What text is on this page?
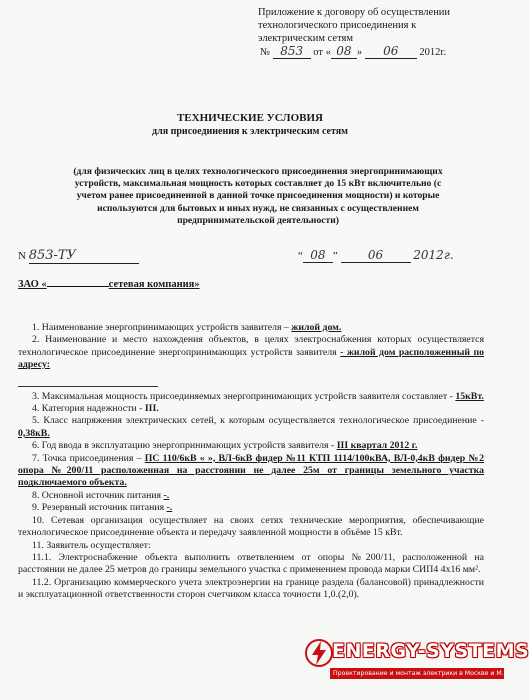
Приложение к договору об осуществлении
технологического присоединения к
электрическим сетям
№ 853 от « 08 » 06 2012г.
ТЕХНИЧЕСКИЕ УСЛОВИЯ
для присоединения к электрическим сетям
(для физических лиц в целях технологического присоединения энергопринимающих устройств, максимальная мощность которых составляет до 15 кВт включительно (с учетом ранее присоединенной в данной точке присоединения мощности) и которые используются для бытовых и иных нужд, не связанных с осуществлением предпринимательской деятельности)
N 853-ТУ	“ 08 ” 06	2012г.
ЗАО «	сетевая компания»
1. Наименование энергопринимающих устройств заявителя – жилой дом.
2. Наименование и место нахождения объектов, в целях электроснабжения которых осуществляется технологическое присоединение энергопринимающих устройств заявителя - жилой дом расположенный по адресу:
3. Максимальная мощность присоединяемых энергопринимающих устройств заявителя составляет - 15кВт.
4. Категория надежности - III.
5. Класс напряжения электрических сетей, к которым осуществляется технологическое присоединение - 0,38кВ.
6. Год ввода в эксплуатацию энергопринимающих устройств заявителя - III квартал 2012 г.
7. Точка присоединения – ПС 110/6кВ « », ВЛ-6кВ фидер №11 КТП 1114/100кВА, ВЛ-0,4кВ фидер №2 опора №200/11 расположенная на расстоянии не далее 25м от границы земельного участка подключаемого объекта.
8. Основной источник питания -.
9. Резервный источник питания -.
10. Сетевая организация осуществляет на своих сетях технические мероприятия, обеспечивающие технологическое присоединение объекта и передачу заявленной мощности в объёме 15 кВт.
11. Заявитель осуществляет:
11.1. Электроснабжение объекта выполнить ответвлением от опоры №200/11, расположенной на расстоянии не далее 25 метров до границы земельного участка с применением провода марки СИП4 4х16 мм².
11.2. Организацию коммерческого учета электроэнергии на границе раздела (балансовой) принадлежности и эксплуатационной ответственности сторон счетчиком класса точности 1,0.(2,0).
ENERGY-SYSTEMS
Проектирование и монтаж электрики в Москве и М.О.
